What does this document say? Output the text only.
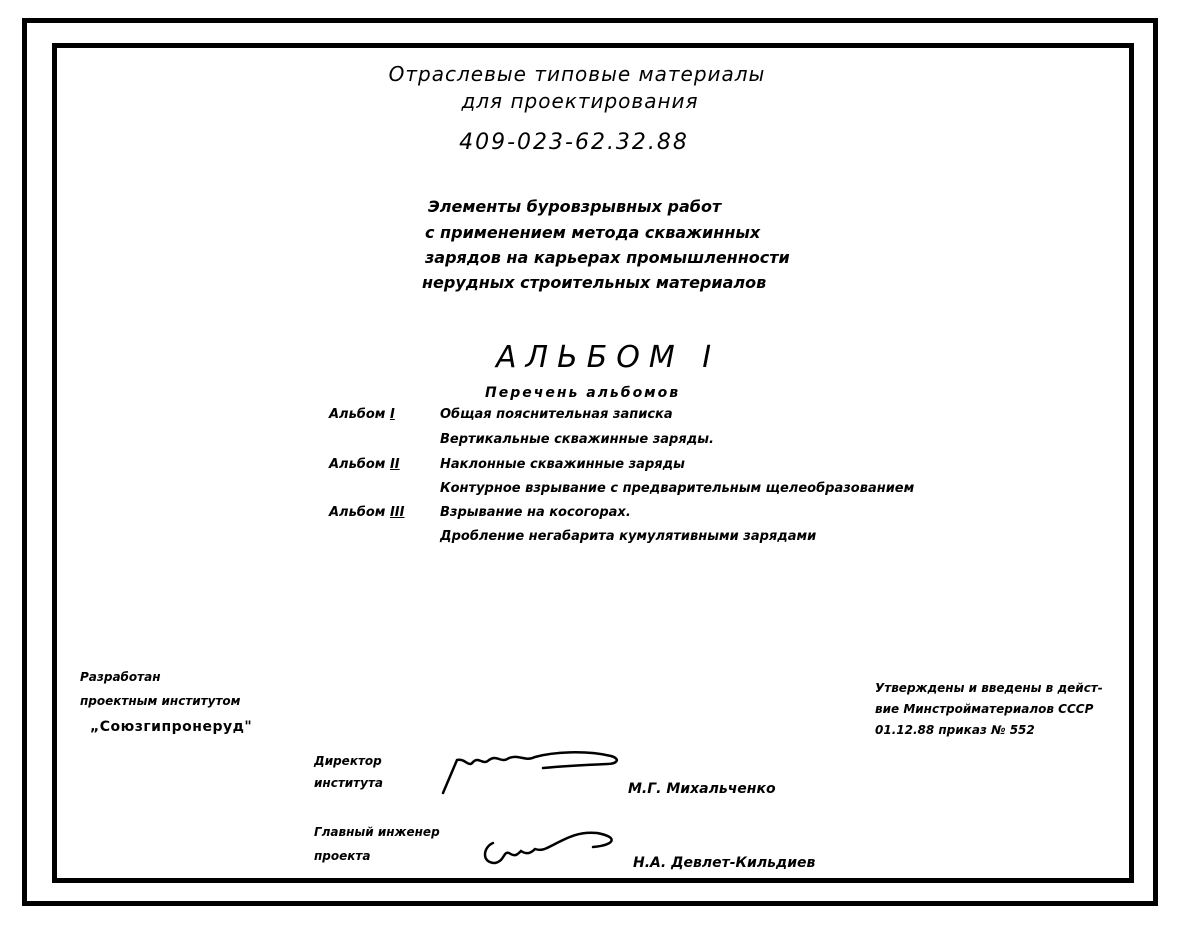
Отраслевые типовые материалы
для проектирования
409-023-62.32.88
Элементы буровзрывных работ
с применением метода скважинных
зарядов на карьерах промышленности
нерудных строительных материалов
АЛЬБОМ I
Перечень альбомов
Альбом I	Общая пояснительная записка
Вертикальные скважинные заряды.
Альбом II	Наклонные скважинные заряды
Контурное взрывание с предварительным щелеобразованием
Альбом III	Взрывание на косогорах.
Дробление негабарита кумулятивными зарядами
Разработан
проектным институтом
„Союзгипронеруд"
Утверждены и введены в дейст-
вие Минстройматериалов СССР
01.12.88 приказ № 552
Директор
института	М.Г. Михальченко
Главный инженер
проекта	Н.А. Девлет-Кильдиев
